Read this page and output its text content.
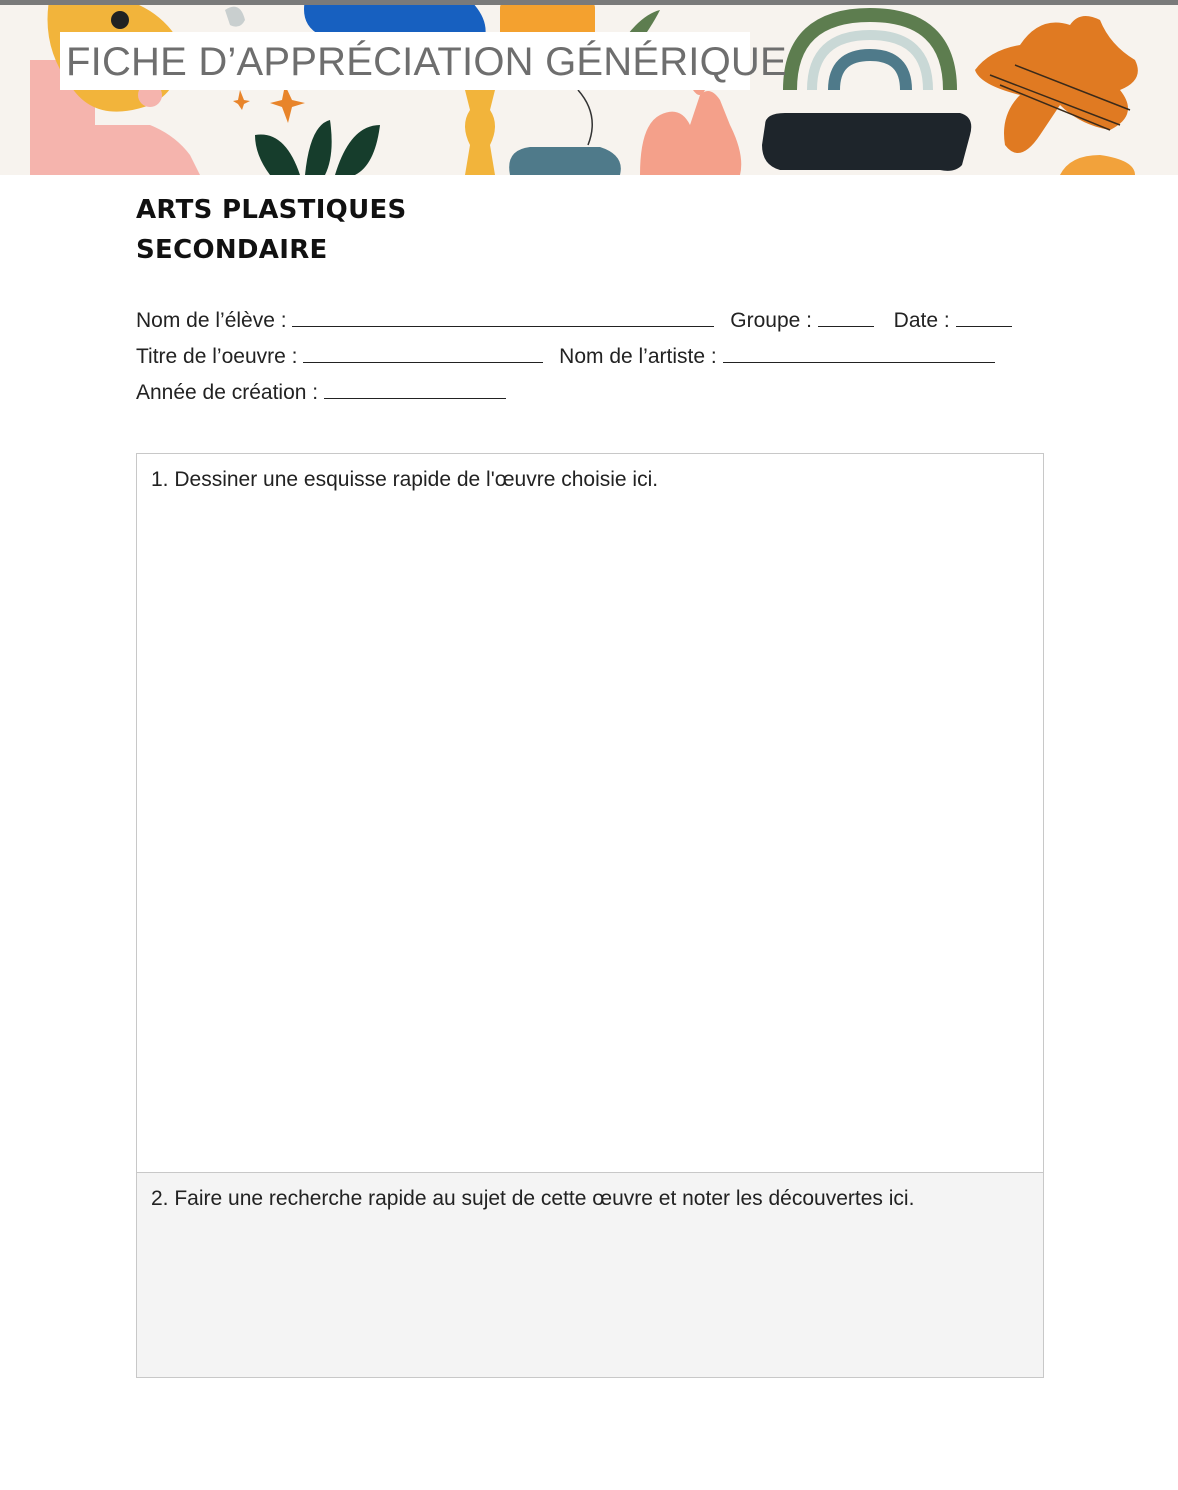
FICHE D’APPRÉCIATION GÉNÉRIQUE
ARTS PLASTIQUES
SECONDAIRE
Nom de l’élève :	Groupe :	Date :
Titre de l’oeuvre :	Nom de l’artiste :
Année de création :
1. Dessiner une esquisse rapide de l'œuvre choisie ici.
2. Faire une recherche rapide au sujet de cette œuvre et noter les découvertes ici.
